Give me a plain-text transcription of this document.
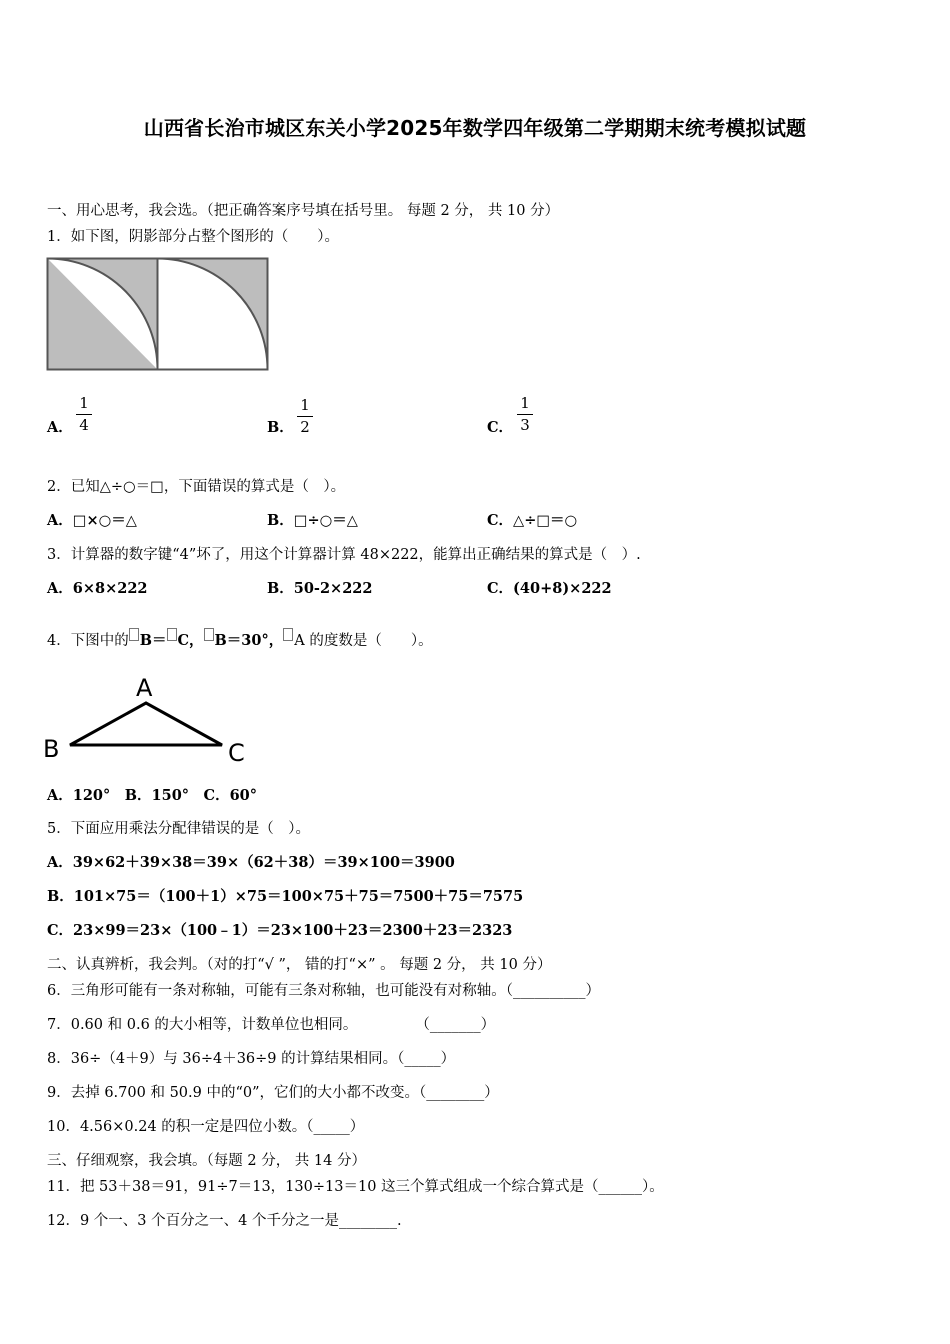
山西省长治市城区东关小学2025年数学四年级第二学期期末统考模拟试题
一、用心思考，我会选。（把正确答案序号填在括号里。 每题 2 分， 共 10 分）
1．如下图，阴影部分占整个图形的（　　）。
A．
1
4	B．
1
2	C．
1
3
2．已知△÷○＝□，下面错误的算式是（　）。
A．□×○＝△	B．□÷○＝△	C．△÷□＝○
3．计算器的数字键“4”坏了，用这个计算器计算 48×222，能算出正确结果的算式是（　）.
A．6×8×222	B．50-2×222	C．(40+8)×222
4．下图中的 B＝ C， B＝30°， A 的度数是（　　）。
A
B	C
A．120°　B．150°　C．60°
5．下面应用乘法分配律错误的是（　）。
A．39×62＋39×38＝39×（62＋38）＝39×100＝3900
B．101×75＝（100＋1）×75＝100×75＋75＝7500＋75＝7575
C．23×99＝23×（100﹣1）＝23×100＋23＝2300＋23＝2323
二、认真辨析，我会判。（对的打“√ ”， 错的打“×” 。 每题 2 分， 共 10 分）
6．三角形可能有一条对称轴，可能有三条对称轴，也可能没有对称轴。（__________）
7．0.60 和 0.6 的大小相等，计数单位也相同。　　　　　（_______）
8．36÷（4＋9）与 36÷4＋36÷9 的计算结果相同。（_____）
9．去掉 6.700 和 50.9 中的“0”，它们的大小都不改变。（________）
10．4.56×0.24 的积一定是四位小数。（_____）
三、仔细观察，我会填。（每题 2 分， 共 14 分）
11．把 53＋38＝91，91÷7＝13，130÷13＝10 这三个算式组成一个综合算式是（______）。
12．9 个一、3 个百分之一、4 个千分之一是________.
